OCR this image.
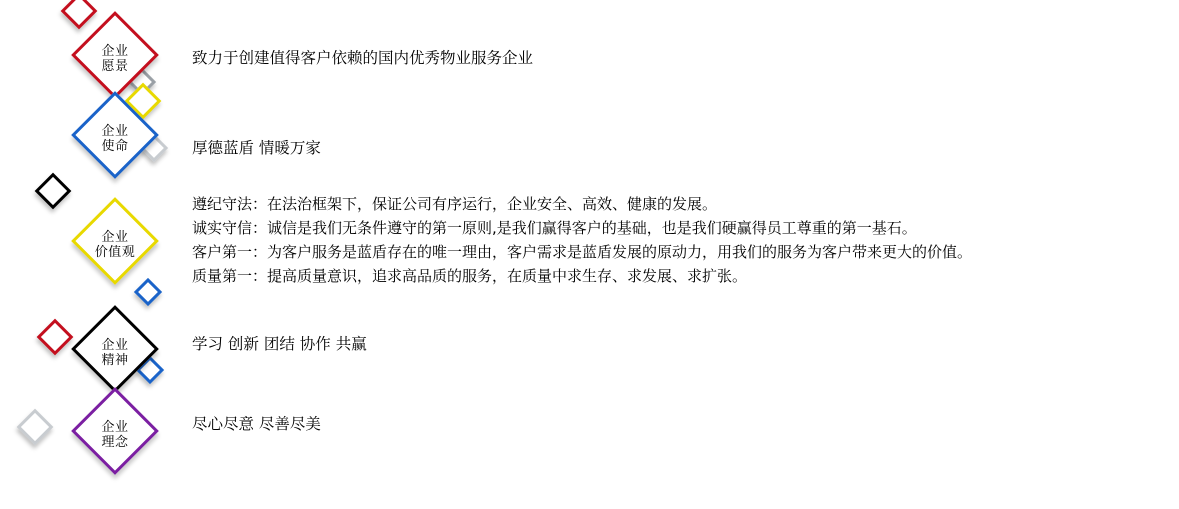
企业
愿景	致力于创建值得客户依赖的国内优秀物业服务企业
企业
使命	厚德蓝盾 情暖万家
企业
价值观
遵纪守法：在法治框架下，保证公司有序运行，企业安全、高效、健康的发展。
诚实守信：诚信是我们无条件遵守的第一原则,是我们赢得客户的基础，也是我们硬赢得员工尊重的第一基石。
客户第一：为客户服务是蓝盾存在的唯一理由，客户需求是蓝盾发展的原动力，用我们的服务为客户带来更大的价值。
质量第一：提高质量意识，追求高品质的服务，在质量中求生存、求发展、求扩张。
企业
精神
学习 创新 团结 协作 共赢
企业
理念
尽心尽意 尽善尽美
